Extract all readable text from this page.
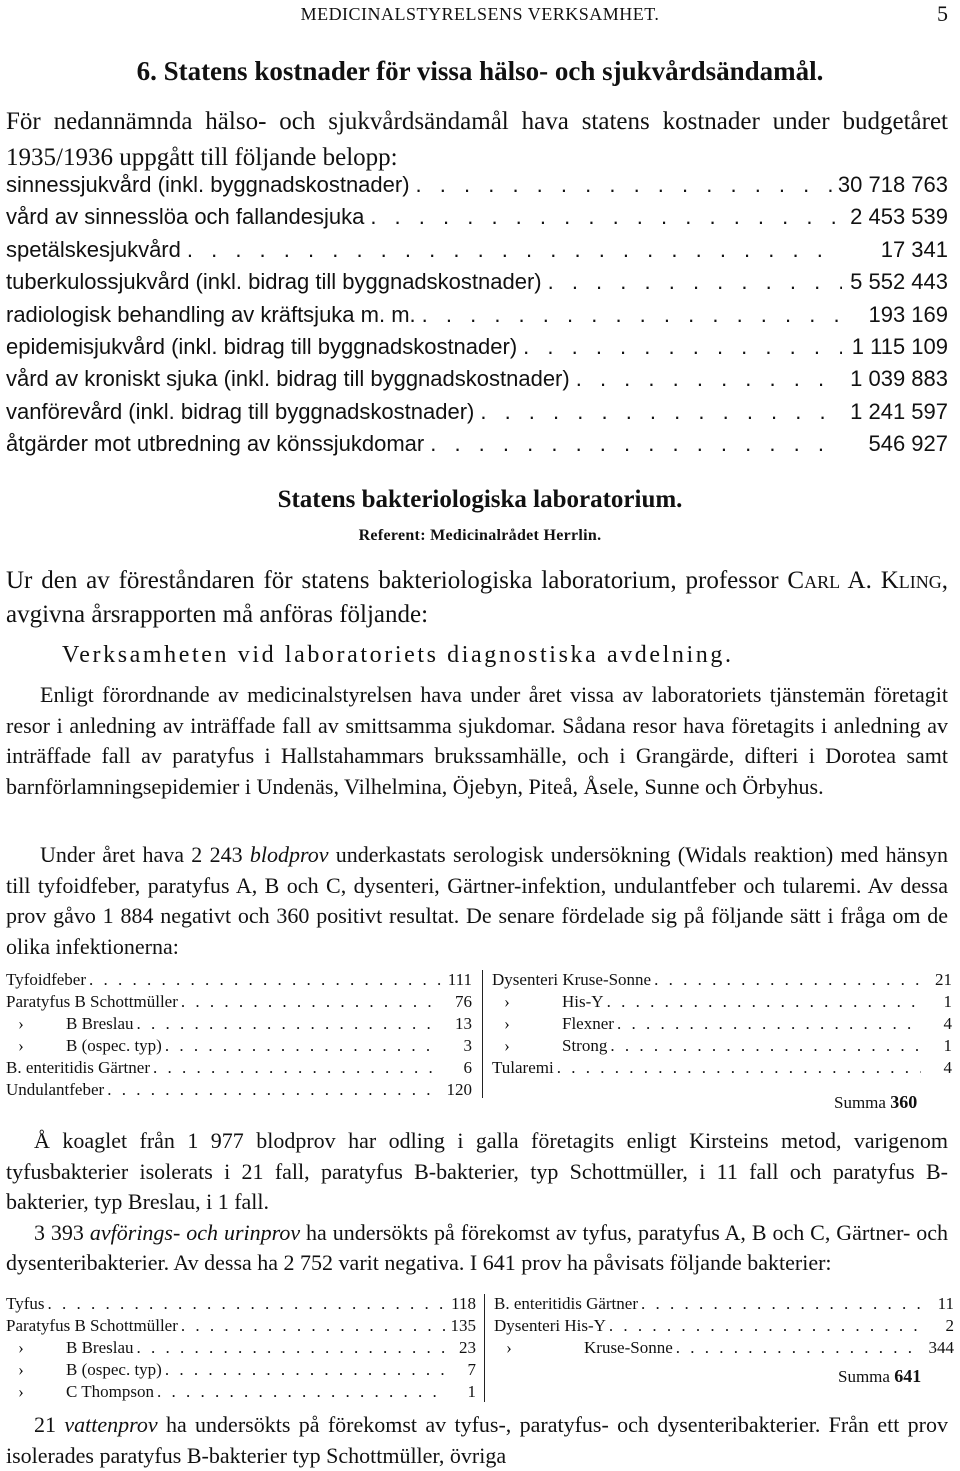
MEDICINALSTYRELSENS VERKSAMHET.	5
6. Statens kostnader för vissa hälso- och sjukvårdsändamål.
För nedannämnda hälso- och sjukvårdsändamål hava statens kostnader under budgetåret 1935/1936 uppgått till följande belopp:
sinnessjukvård (inkl. byggnadskostnader) . . .	30 718 763
vård av sinnesslöa och fallandesjuka . . .	2 453 539
spetälskesjukvård . . .	17 341
tuberkulossjukvård (inkl. bidrag till byggnadskostnader) . . .	5 552 443
radiologisk behandling av kräftsjuka m. m. . . .	193 169
epidemisjukvård (inkl. bidrag till byggnadskostnader) . . .	1 115 109
vård av kroniskt sjuka (inkl. bidrag till byggnadskostnader) . . .	1 039 883
vanförevård (inkl. bidrag till byggnadskostnader) . . .	1 241 597
åtgärder mot utbredning av könssjukdomar . . .	546 927
Statens bakteriologiska laboratorium.
Referent: Medicinalrådet Herrlin.
Ur den av föreståndaren för statens bakteriologiska laboratorium, professor Carl A. Kling, avgivna årsrapporten må anföras följande:
Verksamheten vid laboratoriets diagnostiska avdelning.
Enligt förordnande av medicinalstyrelsen hava under året vissa av laboratoriets tjänstemän företagit resor i anledning av inträffade fall av smittsamma sjukdomar. Sådana resor hava företagits i anledning av inträffade fall av paratyfus i Hallstahammars brukssamhälle, och i Grangärde, difteri i Dorotea samt barnförlamningsepidemier i Undenäs, Vilhelmina, Öjebyn, Piteå, Åsele, Sunne och Örbyhus.
Under året hava 2 243 blodprov underkastats serologisk undersökning (Widals reaktion) med hänsyn till tyfoidfeber, paratyfus A, B och C, dysenteri, Gärtner-infektion, undulantfeber och tularemi. Av dessa prov gåvo 1 884 negativt och 360 positivt resultat. De senare fördelade sig på följande sätt i fråga om de olika infektionerna:
Tyfoidfeber . . .	111
Paratyfus B Schottmüller . . .	76
› B Breslau . . .	13
› B (ospec. typ) . . .	3
B. enteritidis Gärtner . . .	6
Undulantfeber . . .	120
Dysenteri Kruse-Sonne . . .	21
›	His-Y . . .	1
›	Flexner . . .	4
›	Strong . . .	1
Tularemi . . .	4
Summa 360
Å koaglet från 1 977 blodprov har odling i galla företagits enligt Kirsteins metod, varigenom tyfusbakterier isolerats i 21 fall, paratyfus B-bakterier, typ Schottmüller, i 11 fall och paratyfus B-bakterier, typ Breslau, i 1 fall.
3 393 avförings- och urinprov ha undersökts på förekomst av tyfus, paratyfus A, B och C, Gärtner- och dysenteribakterier. Av dessa ha 2 752 varit negativa. I 641 prov ha påvisats följande bakterier:
Tyfus . . .	118
Paratyfus B Schottmüller . . .	135
› B Breslau . . .	23
› B (ospec. typ) . . .	7
› C Thompson . . .	1
B. enteritidis Gärtner . . .	11
Dysenteri His-Y . . .	2
›	Kruse-Sonne . . .	344
Summa 641
21 vattenprov ha undersökts på förekomst av tyfus-, paratyfus- och dysenteribakterier. Från ett prov isolerades paratyfus B-bakterier typ Schottmüller, övriga
